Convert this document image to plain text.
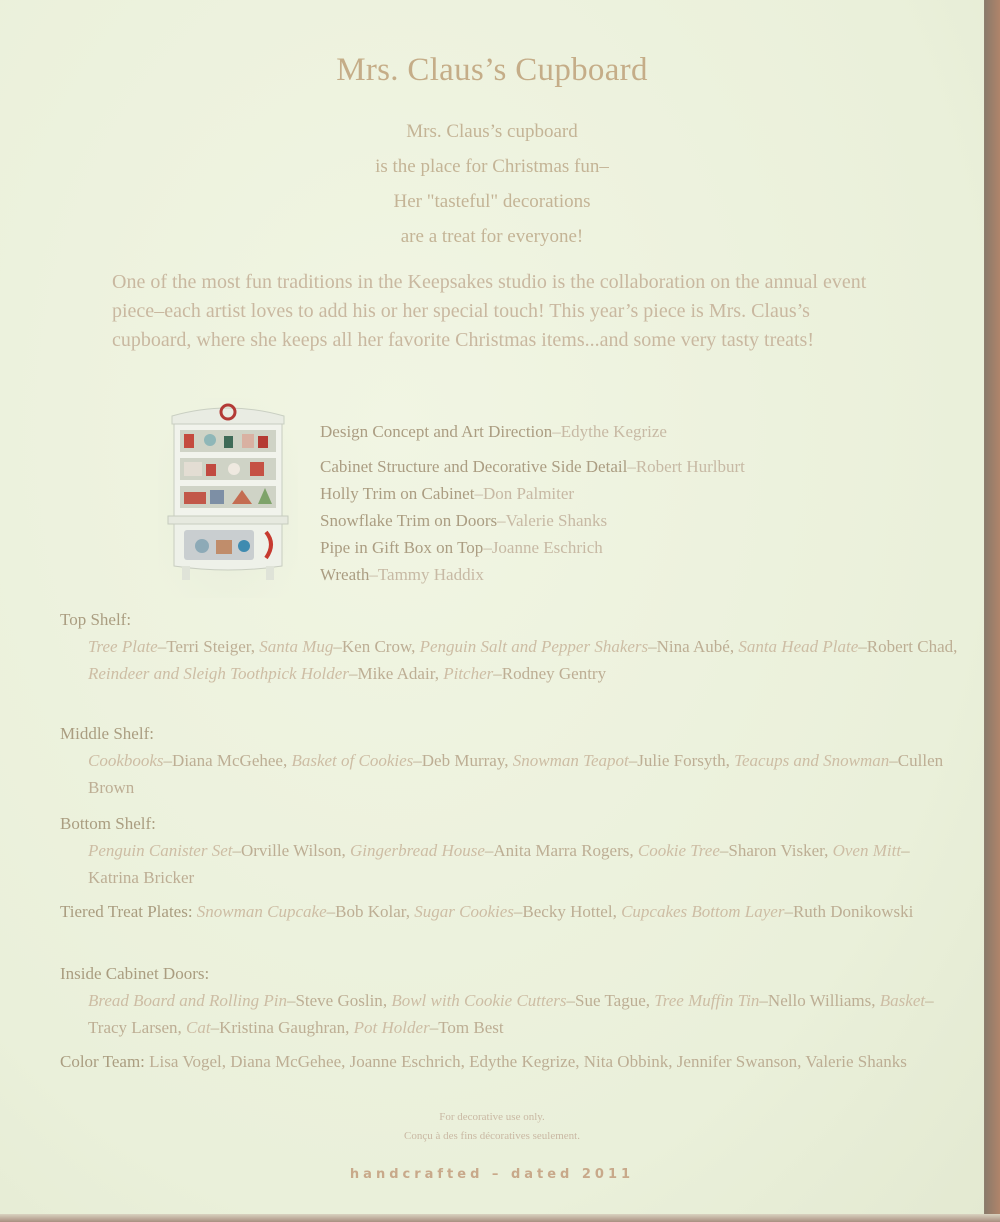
Mrs. Claus’s Cupboard
Mrs. Claus’s cupboard
is the place for Christmas fun–
Her "tasteful" decorations
are a treat for everyone!
One of the most fun traditions in the Keepsakes studio is the collaboration on the annual event piece–each artist loves to add his or her special touch! This year’s piece is Mrs. Claus’s cupboard, where she keeps all her favorite Christmas items...and some very tasty treats!
Design Concept and Art Direction–Edythe Kegrize
Cabinet Structure and Decorative Side Detail–Robert Hurlburt
Holly Trim on Cabinet–Don Palmiter
Snowflake Trim on Doors–Valerie Shanks
Pipe in Gift Box on Top–Joanne Eschrich
Wreath–Tammy Haddix
Top Shelf:
Tree Plate–Terri Steiger, Santa Mug–Ken Crow, Penguin Salt and Pepper Shakers–Nina Aubé, Santa Head Plate–Robert Chad, Reindeer and Sleigh Toothpick Holder–Mike Adair, Pitcher–Rodney Gentry
Middle Shelf:
Cookbooks–Diana McGehee, Basket of Cookies–Deb Murray, Snowman Teapot–Julie Forsyth, Teacups and Snowman–Cullen Brown
Bottom Shelf:
Penguin Canister Set–Orville Wilson, Gingerbread House–Anita Marra Rogers, Cookie Tree–Sharon Visker, Oven Mitt–Katrina Bricker
Tiered Treat Plates: Snowman Cupcake–Bob Kolar, Sugar Cookies–Becky Hottel, Cupcakes Bottom Layer–Ruth Donikowski
Inside Cabinet Doors:
Bread Board and Rolling Pin–Steve Goslin, Bowl with Cookie Cutters–Sue Tague, Tree Muffin Tin–Nello Williams, Basket–Tracy Larsen, Cat–Kristina Gaughran, Pot Holder–Tom Best
Color Team: Lisa Vogel, Diana McGehee, Joanne Eschrich, Edythe Kegrize, Nita Obbink, Jennifer Swanson, Valerie Shanks
For decorative use only.
Conçu à des fins décoratives seulement.
handcrafted – dated 2011
